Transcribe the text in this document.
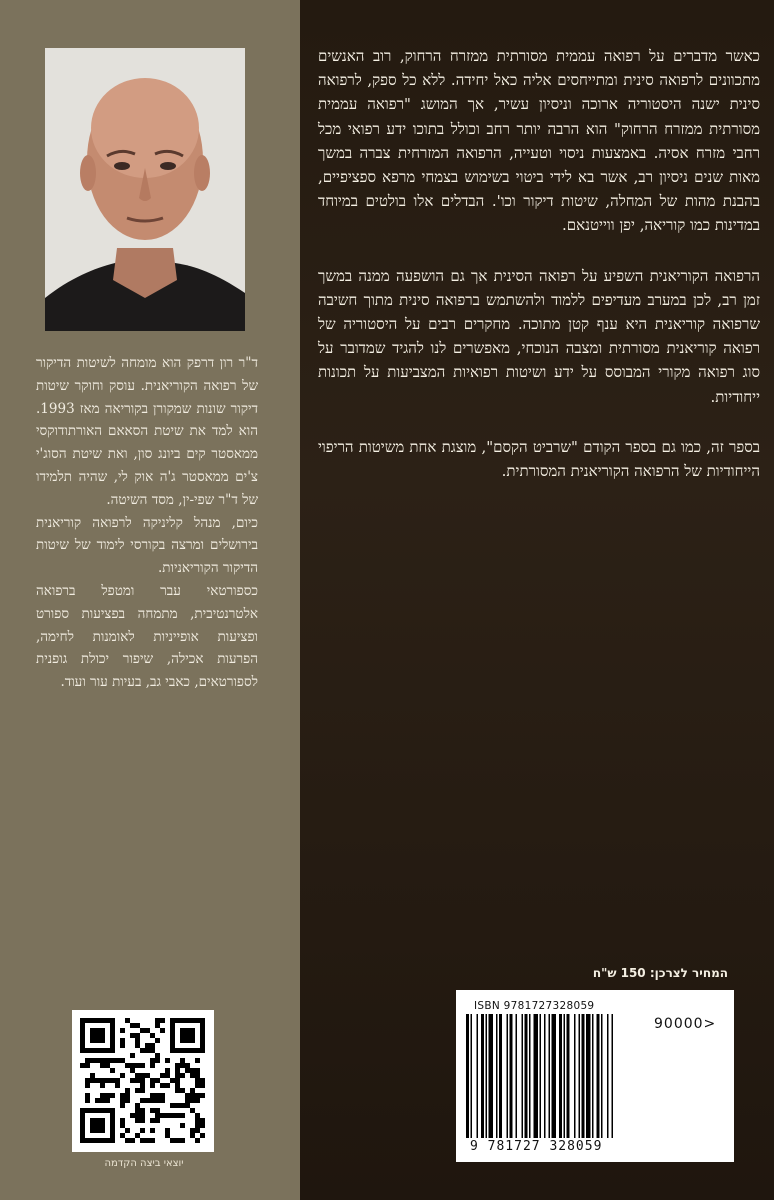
ד"ר רון דרפק הוא מומחה לשיטות הדיקור של רפואה הקוריאנית. עוסק וחוקר שיטות דיקור שונות שמקורן בקוריאה מאז 1993. הוא למד את שיטת הסאאם האורתודוקסי ממאסטר קים ביונג סון, ואת שיטת הסוג'י צ'ים ממאסטר ג'ה אוק לי, שהיה תלמידו של ד"ר שפי-ין, מסד השיטה.

כיום, מנהל קליניקה לרפואה קוריאנית בירושלים ומרצה בקורסי לימוד של שיטות הדיקור הקוריאניות.

כספורטאי עבר ומטפל ברפואה אלטרנטיבית, מתמחה בפציעות ספורט ופציעות אופייניות לאומנות לחימה, הפרעות אכילה, שיפור יכולת גופנית לספורטאים, כאבי גב, בעיות עור ועוד.

יוצאי ביצה הקדמה

כאשר מדברים על רפואה עממית מסורתית ממזרח הרחוק, רוב האנשים מתכוונים לרפואה סינית ומתייחסים אליה כאל יחידה. ללא כל ספק, לרפואה סינית ישנה היסטוריה ארוכה וניסיון עשיר, אך המושג "רפואה עממית מסורתית ממזרח הרחוק" הוא הרבה יותר רחב וכולל בתוכו ידע רפואי מכל רחבי מזרח אסיה. באמצעות ניסוי וטעייה, הרפואה המזרחית צברה במשך מאות שנים ניסיון רב, אשר בא לידי ביטוי בשימוש בצמחי מרפא ספציפיים, בהבנת מהות של המחלה, שיטות דיקור וכו'. הבדלים אלו בולטים במיוחד במדינות כמו קוריאה, יפן ווייטנאם.

הרפואה הקוריאנית השפיע על רפואה הסינית אך גם הושפעה ממנה במשך זמן רב, לכן במערב מעדיפים ללמוד ולהשתמש ברפואה סינית מתוך חשיבה שרפואה קוריאנית היא ענף קטן מתוכה. מחקרים רבים על היסטוריה של רפואה קוריאנית מסורתית ומצבה הנוכחי, מאפשרים לנו להגיד שמדובר על סוג רפואה מקורי המבוסס על ידע ושיטות רפואיות המצביעות על תכונות ייחודיות.

בספר זה, כמו גם בספר הקודם "שרביט הקסם", מוצגת אחת משיטות הריפוי הייחודיות של הרפואה הקוריאנית המסורתית.

המחיר לצרכן: 150 ש"ח
ISBN 9781727328059
90000>
9 781727 328059
